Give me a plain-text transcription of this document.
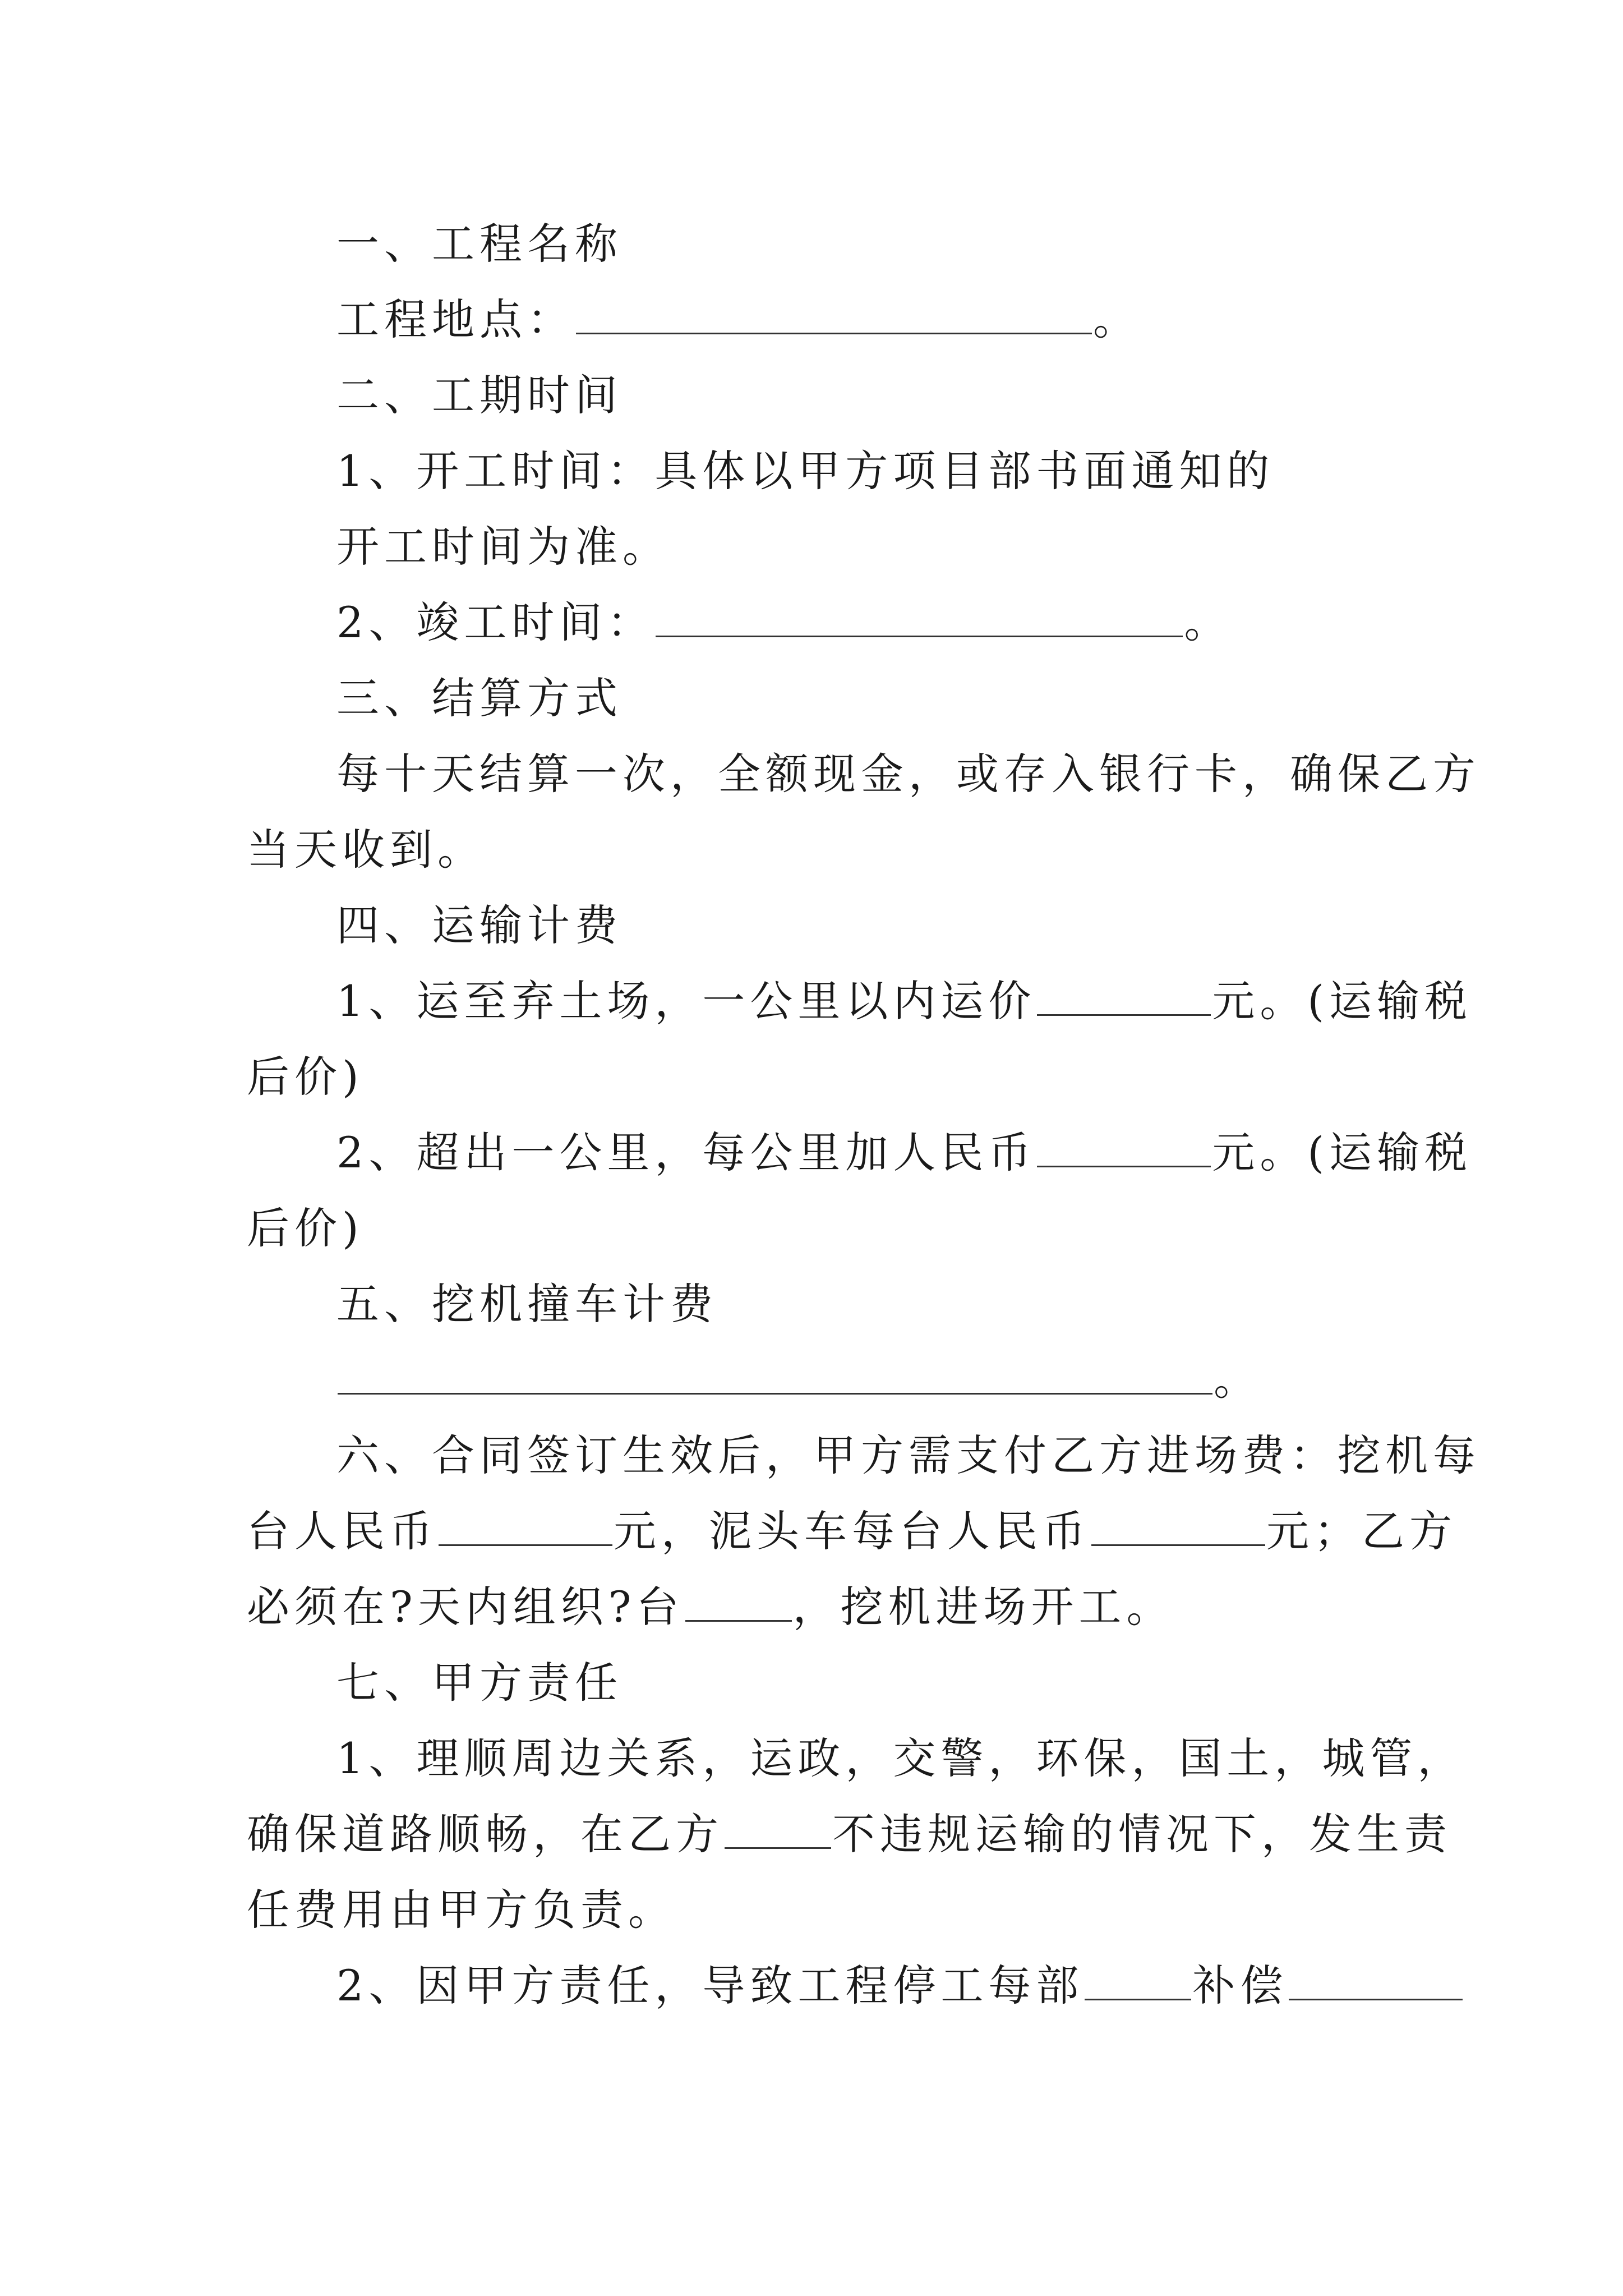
一、工程名称
工程地点：	。
二、工期时间
1、开工时间：具体以甲方项目部书面通知的
开工时间为准。
2、竣工时间：	。
三、结算方式
每十天结算一次，全额现金，或存入银行卡，确保乙方
当天收到。
四、运输计费
1、运至弃土场，一公里以内运价	元。(运输税
后价)
2、超出一公里，每公里加人民币	元。(运输税
后价)
五、挖机撞车计费
。
六、合同签订生效后，甲方需支付乙方进场费：挖机每
台人民币	元，泥头车每台人民币	元；乙方
必须在?天内组织?台	，挖机进场开工。
七、甲方责任
1、理顺周边关系，运政，交警，环保，国土，城管，
确保道路顺畅，在乙方	不违规运输的情况下，发生责
任费用由甲方负责。
2、因甲方责任，导致工程停工每部	补偿
